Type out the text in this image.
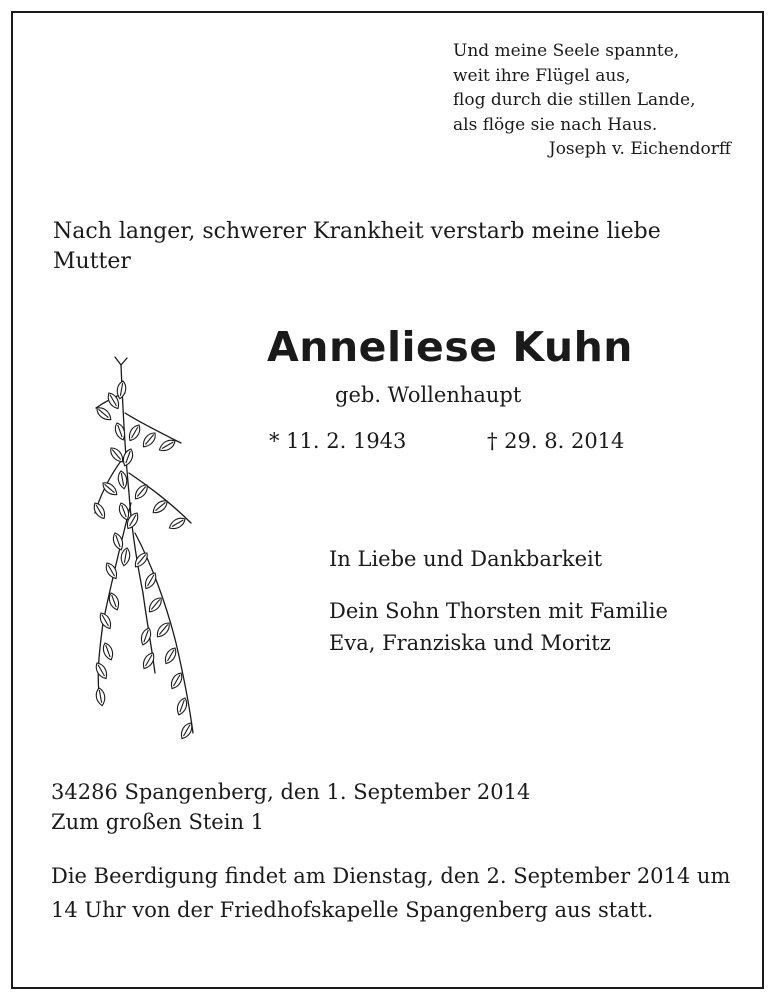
Und meine Seele spannte,
weit ihre Flügel aus,
flog durch die stillen Lande,
als flöge sie nach Haus.
Joseph v. Eichendorff
Nach langer, schwerer Krankheit verstarb meine liebe Mutter
Anneliese Kuhn
geb. Wollenhaupt
* 11. 2. 1943	† 29. 8. 2014
In Liebe und Dankbarkeit
Dein Sohn Thorsten mit Familie
Eva, Franziska und Moritz
34286 Spangenberg, den 1. September 2014
Zum großen Stein 1
Die Beerdigung findet am Dienstag, den 2. September 2014 um 14 Uhr von der Friedhofskapelle Spangenberg aus statt.
